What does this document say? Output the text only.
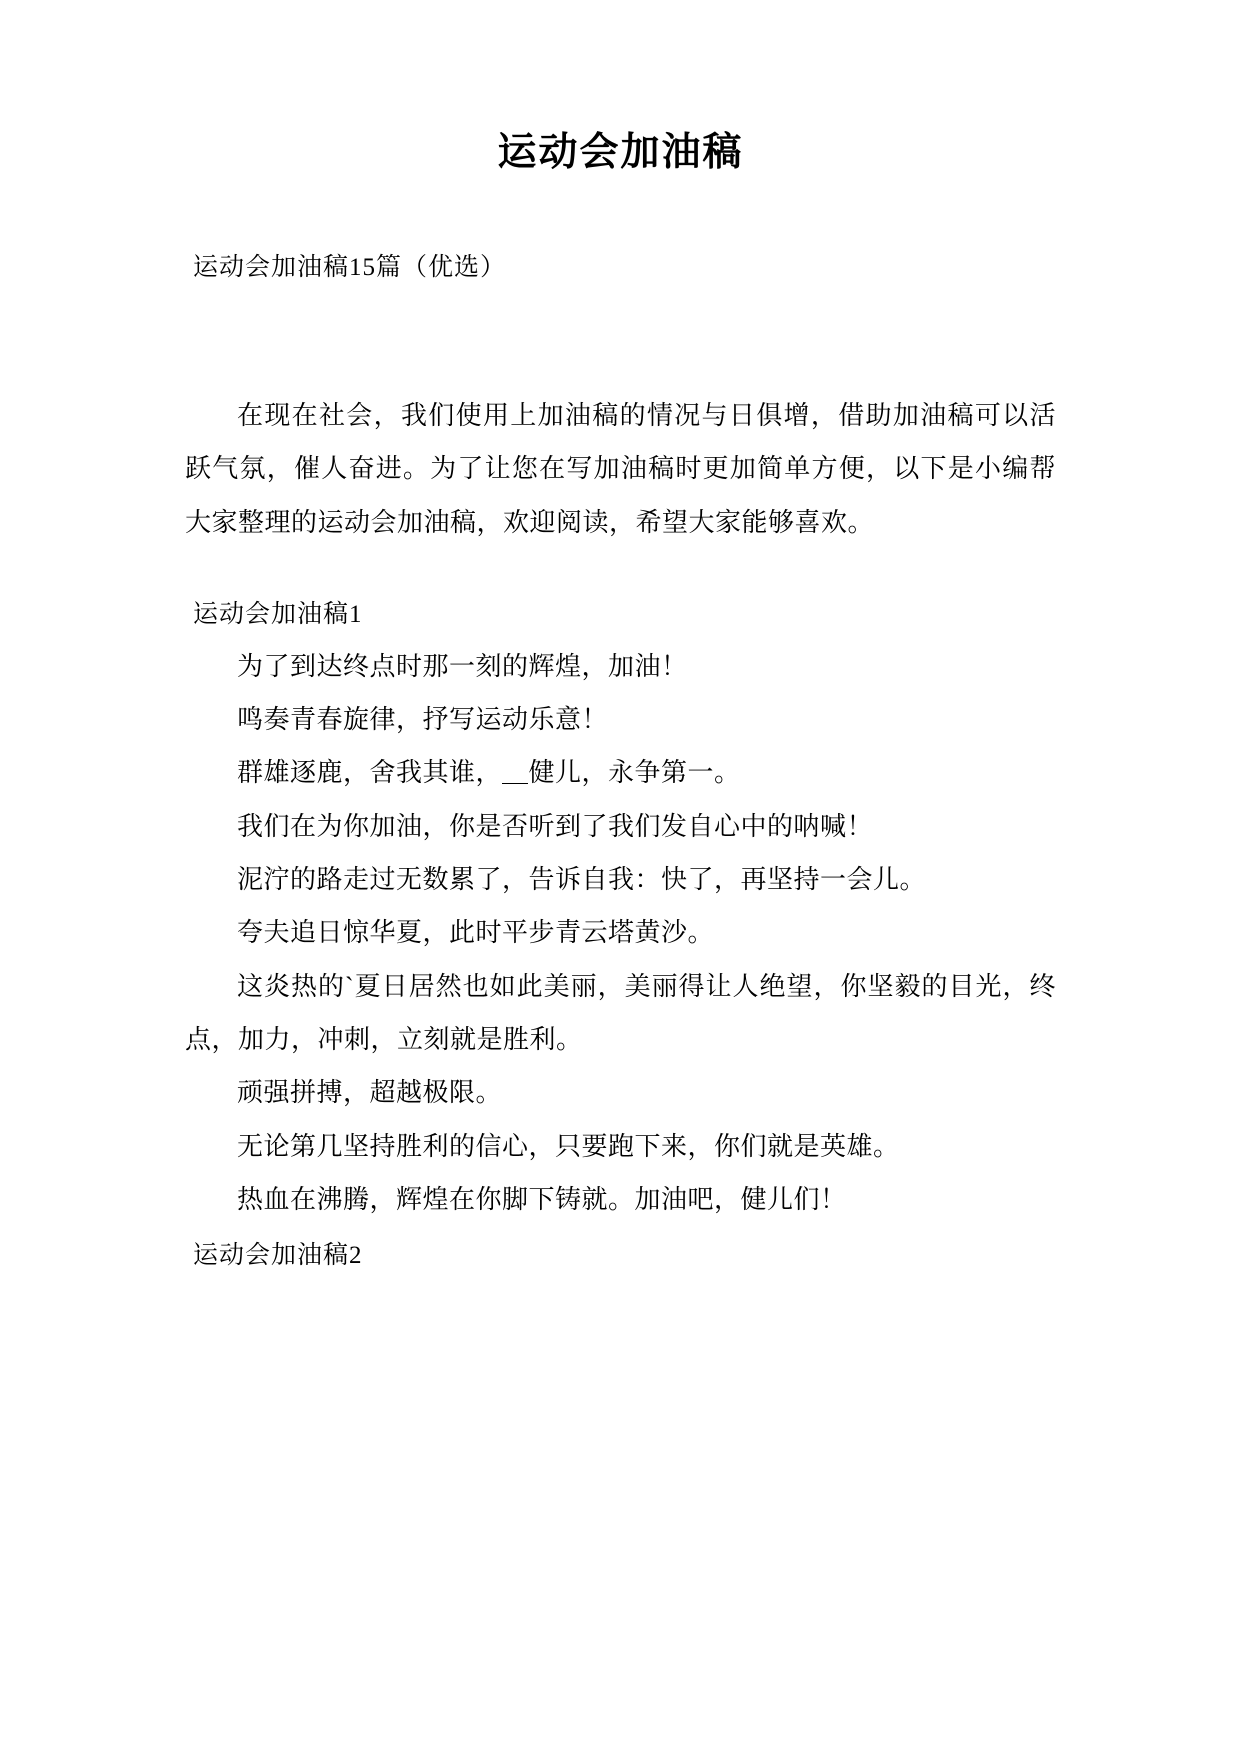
运动会加油稿

运动会加油稿15篇（优选）

在现在社会，我们使用上加油稿的情况与日俱增，借助加油稿可以活跃气氛，催人奋进。为了让您在写加油稿时更加简单方便，以下是小编帮大家整理的运动会加油稿，欢迎阅读，希望大家能够喜欢。

运动会加油稿1

为了到达终点时那一刻的辉煌，加油！

鸣奏青春旋律，抒写运动乐意！

群雄逐鹿，舍我其谁，＿健儿，永争第一。

我们在为你加油，你是否听到了我们发自心中的呐喊！

泥泞的路走过无数累了，告诉自我：快了，再坚持一会儿。

夸夫追日惊华夏，此时平步青云塔黄沙。

这炎热的`夏日居然也如此美丽，美丽得让人绝望，你坚毅的目光，终点，加力，冲刺，立刻就是胜利。

顽强拼搏，超越极限。

无论第几坚持胜利的信心，只要跑下来，你们就是英雄。

热血在沸腾，辉煌在你脚下铸就。加油吧，健儿们！

运动会加油稿2
